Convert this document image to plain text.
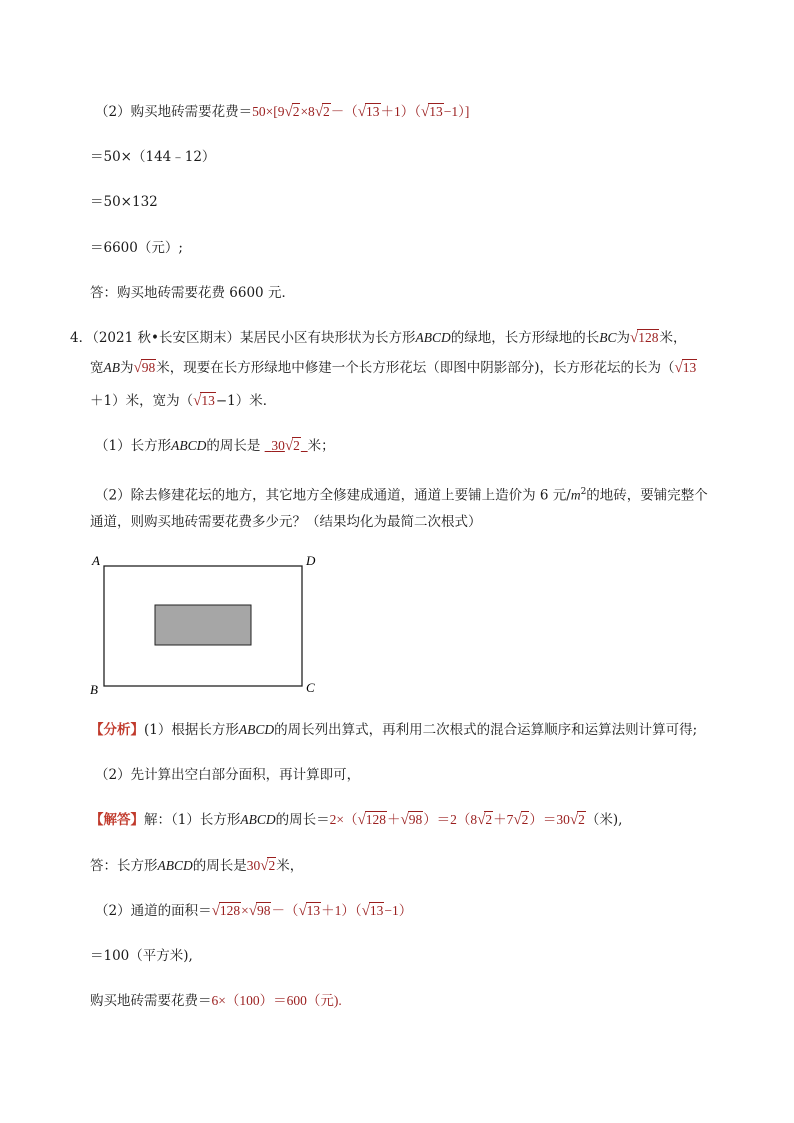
（2）购买地砖需要花费＝50×[9 √ 2×8 √ 2－（ √ 13＋1）（ √ 13−1）]
＝50×（144﹣12）
＝50×132
＝6600（元）;
答：购买地砖需要花费 6600 元．
4．（2021 秋•长安区期末）某居民小区有块形状为长方形ABCD的绿地，长方形绿地的长BC为 √ 128米，
宽AB为 √ 98米，现要在长方形绿地中修建一个长方形花坛（即图中阴影部分)，长方形花坛的长为（ √ 13
＋1）米，宽为（ √ 13−1）米．
（1）长方形ABCD的周长是 30 √ 2 米；
（2）除去修建花坛的地方，其它地方全修建成通道，通道上要铺上造价为 6 元$/m^2$的地砖，要铺完整个
通道，则购买地砖需要花费多少元？（结果均化为最简二次根式）
A	D
B	C
【分析】(1）根据长方形ABCD的周长列出算式，再利用二次根式的混合运算顺序和运算法则计算可得;
（2）先计算出空白部分面积，再计算即可，
【解答】解：（1）长方形ABCD的周长＝2×（ √ 128＋ √ 98）＝2（8 √ 2＋7 √ 2）＝30 √ 2（米),
答：长方形ABCD的周长是30 √ 2米，
（2）通道的面积＝ √ 128× √ 98－（ √ 13＋1）（ √ 13−1）
＝100（平方米),
购买地砖需要花费＝6×（100）＝600（元).
